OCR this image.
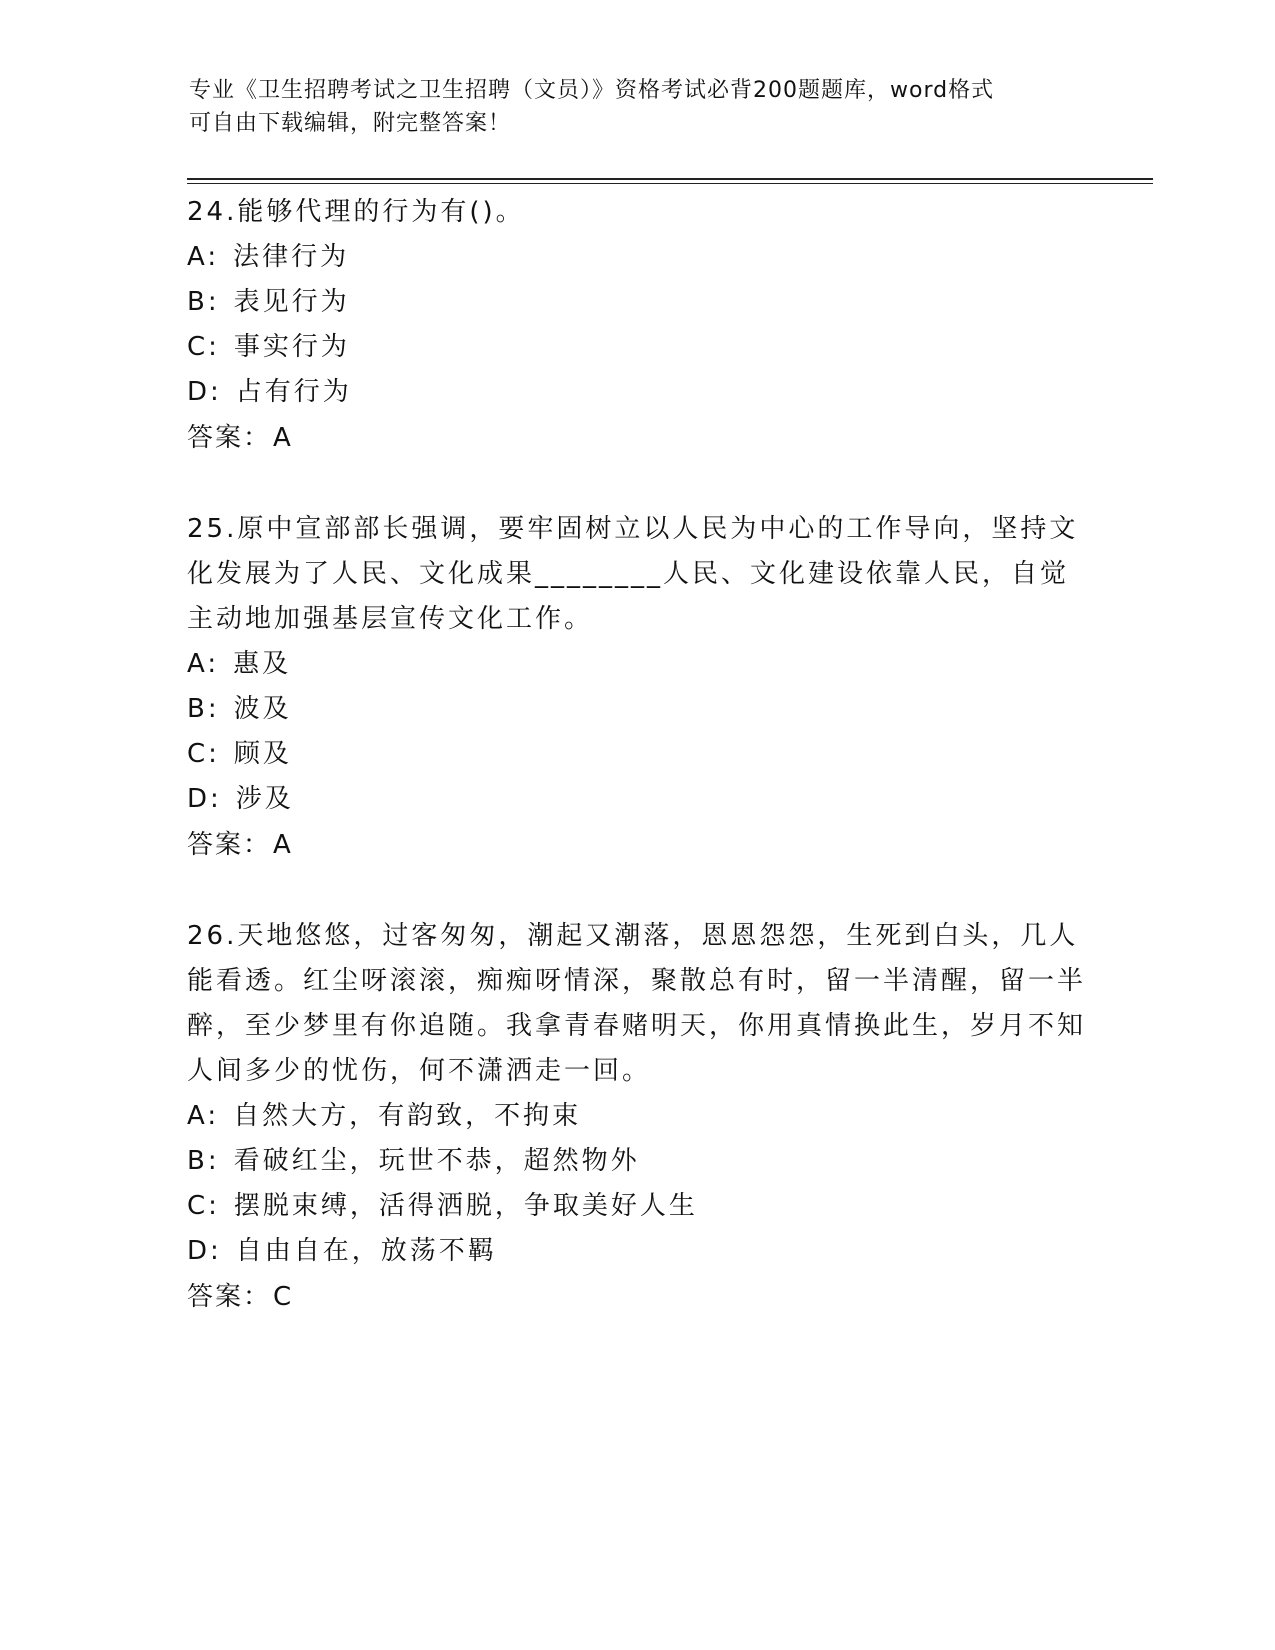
专业《卫生招聘考试之卫生招聘（文员）》资格考试必背200题题库，word格式
可自由下载编辑，附完整答案！

24.能够代理的行为有()。

A: 法律行为
B: 表见行为
C: 事实行为
D: 占有行为

答案：A

25.原中宣部部长强调，要牢固树立以人民为中心的工作导向，坚持文化发展为了人民、文化成果________人民、文化建设依靠人民，自觉主动地加强基层宣传文化工作。

A: 惠及
B: 波及
C: 顾及
D: 涉及

答案：A

26.天地悠悠，过客匆匆，潮起又潮落，恩恩怨怨，生死到白头，几人能看透。红尘呀滚滚，痴痴呀情深，聚散总有时，留一半清醒，留一半醉，至少梦里有你追随。我拿青春赌明天，你用真情换此生，岁月不知人间多少的忧伤，何不潇洒走一回。

A: 自然大方，有韵致，不拘束
B: 看破红尘，玩世不恭，超然物外
C: 摆脱束缚，活得洒脱，争取美好人生
D: 自由自在，放荡不羁

答案：C
